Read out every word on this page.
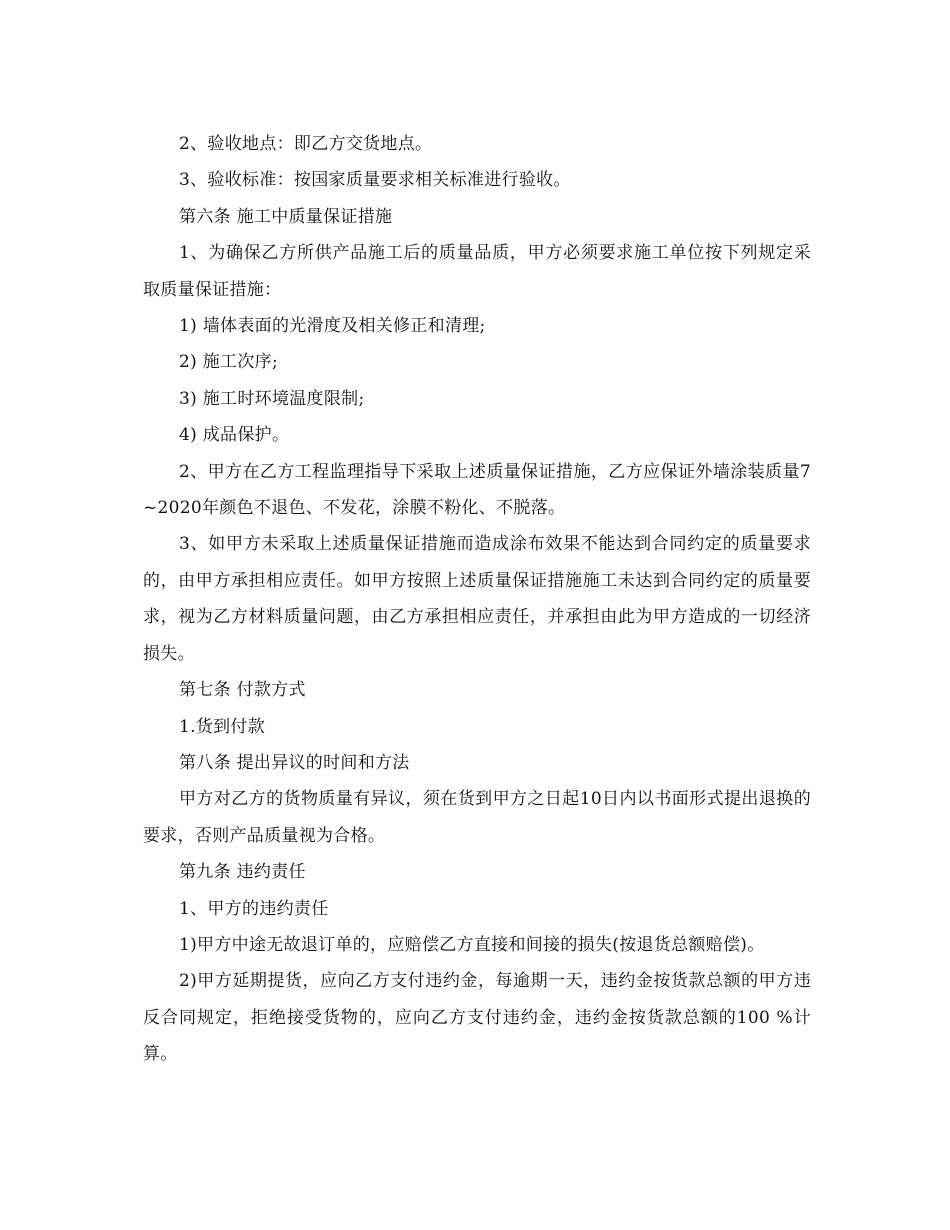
2、验收地点：即乙方交货地点。

3、验收标准：按国家质量要求相关标准进行验收。

第六条 施工中质量保证措施

1、为确保乙方所供产品施工后的质量品质，甲方必须要求施工单位按下列规定采取质量保证措施：

1) 墙体表面的光滑度及相关修正和清理;

2) 施工次序;

3) 施工时环境温度限制;

4) 成品保护。

2、甲方在乙方工程监理指导下采取上述质量保证措施，乙方应保证外墙涂装质量7~2020年颜色不退色、不发花，涂膜不粉化、不脱落。

3、如甲方未采取上述质量保证措施而造成涂布效果不能达到合同约定的质量要求的，由甲方承担相应责任。如甲方按照上述质量保证措施施工未达到合同约定的质量要求，视为乙方材料质量问题，由乙方承担相应责任，并承担由此为甲方造成的一切经济损失。

第七条 付款方式

1.货到付款

第八条 提出异议的时间和方法

甲方对乙方的货物质量有异议，须在货到甲方之日起10日内以书面形式提出退换的要求，否则产品质量视为合格。

第九条 违约责任

1、甲方的违约责任

1)甲方中途无故退订单的，应赔偿乙方直接和间接的损失(按退货总额赔偿)。

2)甲方延期提货，应向乙方支付违约金，每逾期一天，违约金按货款总额的甲方违反合同规定，拒绝接受货物的，应向乙方支付违约金，违约金按货款总额的100 %计算。
